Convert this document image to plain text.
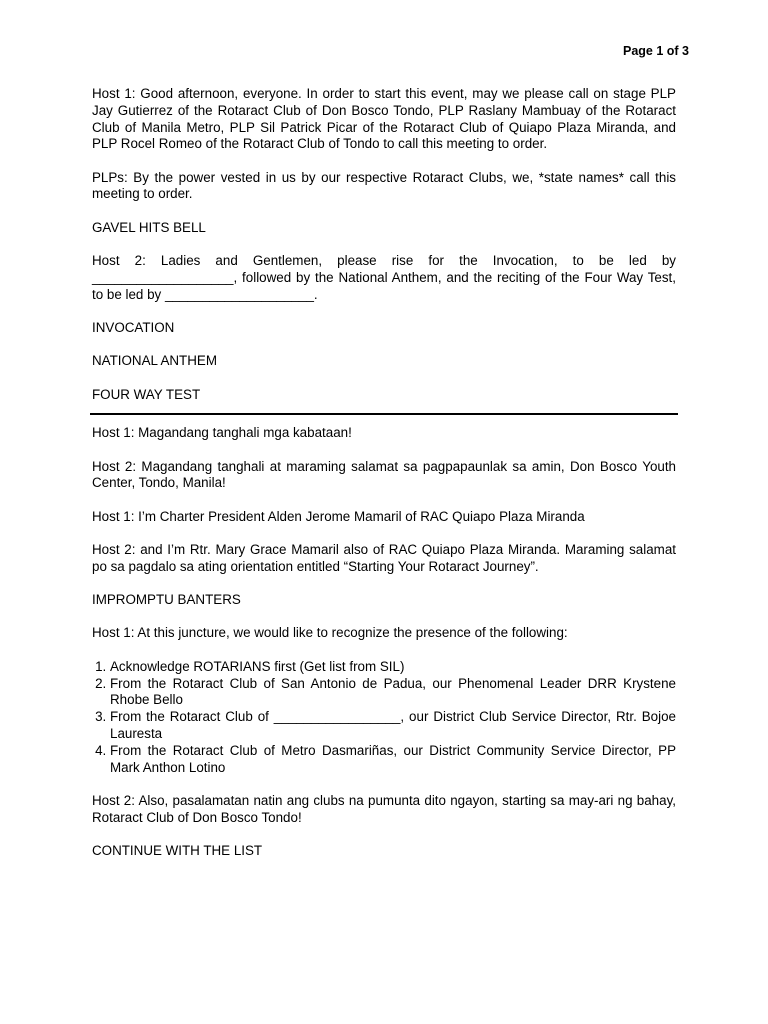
Page 1 of 3

Host 1: Good afternoon, everyone. In order to start this event, may we please call on stage PLP Jay Gutierrez of the Rotaract Club of Don Bosco Tondo, PLP Raslany Mambuay of the Rotaract Club of Manila Metro, PLP Sil Patrick Picar of the Rotaract Club of Quiapo Plaza Miranda, and PLP Rocel Romeo of the Rotaract Club of Tondo to call this meeting to order.

PLPs: By the power vested in us by our respective Rotaract Clubs, we, *state names* call this meeting to order.

GAVEL HITS BELL

Host 2: Ladies and Gentlemen, please rise for the Invocation, to be led by ___________________, followed by the National Anthem, and the reciting of the Four Way Test, to be led by ____________________.

INVOCATION

NATIONAL ANTHEM

FOUR WAY TEST

Host 1: Magandang tanghali mga kabataan!

Host 2: Magandang tanghali at maraming salamat sa pagpapaunlak sa amin, Don Bosco Youth Center, Tondo, Manila!

Host 1: I’m Charter President Alden Jerome Mamaril of RAC Quiapo Plaza Miranda

Host 2: and I’m Rtr. Mary Grace Mamaril also of RAC Quiapo Plaza Miranda. Maraming salamat po sa pagdalo sa ating orientation entitled “Starting Your Rotaract Journey”.

IMPROMPTU BANTERS

Host 1: At this juncture, we would like to recognize the presence of the following:

1. Acknowledge ROTARIANS first (Get list from SIL)
2. From the Rotaract Club of San Antonio de Padua, our Phenomenal Leader DRR Krystene Rhobe Bello
3. From the Rotaract Club of _________________, our District Club Service Director, Rtr. Bojoe Lauresta
4. From the Rotaract Club of Metro Dasmariñas, our District Community Service Director, PP Mark Anthon Lotino

Host 2: Also, pasalamatan natin ang clubs na pumunta dito ngayon, starting sa may-ari ng bahay, Rotaract Club of Don Bosco Tondo!

CONTINUE WITH THE LIST
